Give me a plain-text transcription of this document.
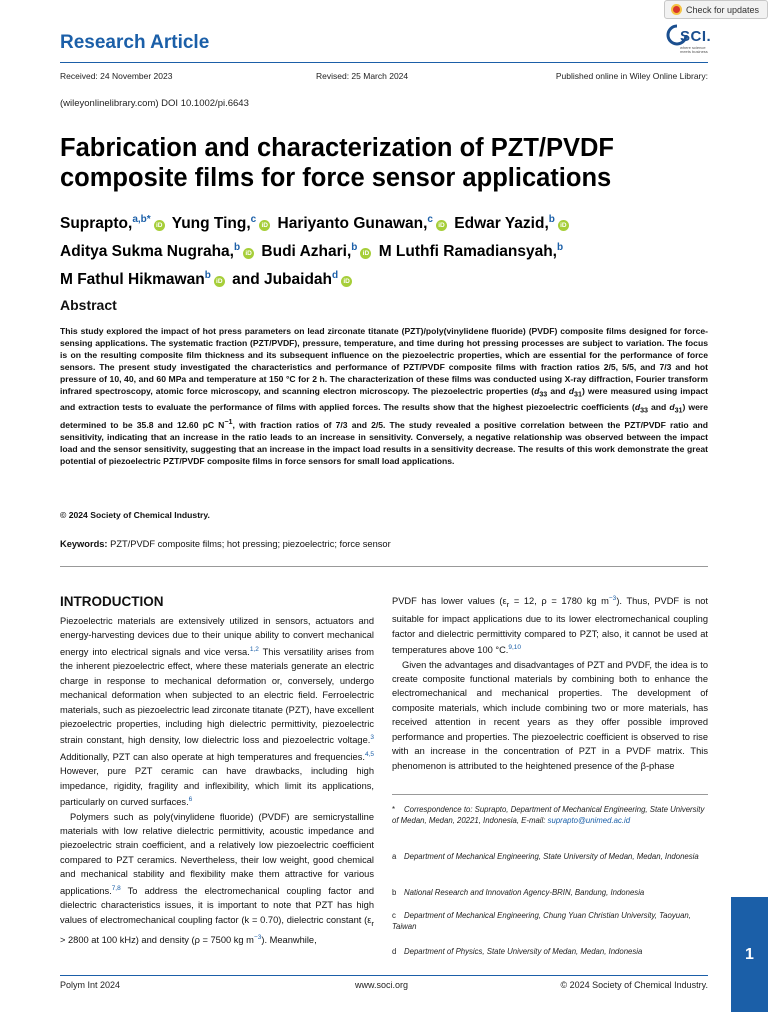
Check for updates
Research Article	SCI.
where science meets business
Received: 24 November 2023	Revised: 25 March 2024	Published online in Wiley Online Library:
(wileyonlinelibrary.com) DOI 10.1002/pi.6643
Fabrication and characterization of PZT/PVDF composite films for force sensor applications
Suprapto,$^{a,b*}$iD Yung Ting,$^c$iD Hariyanto Gunawan,$^c$iD Edwar Yazid,$^b$iD
Aditya Sukma Nugraha,$^b$iD Budi Azhari,$^b$iD M Luthfi Ramadiansyah,$^b$
M Fathul Hikmawan$^b$iD and Jubaidah$^d$iD
Abstract
This study explored the impact of hot press parameters on lead zirconate titanate (PZT)/poly(vinylidene fluoride) (PVDF) composite films designed for force-sensing applications. The systematic fraction (PZT/PVDF), pressure, temperature, and time during hot pressing processes are subject to variation. The focus is on the resulting composite film thickness and its subsequent influence on the piezoelectric properties, which are essential for the performance of force sensors. The present study investigated the characteristics and performance of PZT/PVDF composite films with fraction ratios 2/5, 5/5, and 7/3 and hot pressure of 10, 40, and 60 MPa and temperature at 150 °C for 2 h. The characterization of these films was conducted using X-ray diffraction, Fourier transform infrared spectroscopy, atomic force microscopy, and scanning electron microscopy. The piezoelectric properties ($d_{33}$ and $d_{31}$) were measured using impact and extraction tests to evaluate the performance of films with applied forces. The results show that the highest piezoelectric coefficients ($d_{33}$ and $d_{31}$) were determined to be 35.8 and 12.60 pC $N^{-1}$, with fraction ratios of 7/3 and 2/5. The study revealed a positive correlation between the PZT/PVDF ratio and sensitivity, indicating that an increase in the ratio leads to an increase in sensitivity. Conversely, a negative relationship was observed between the impact load and the sensor sensitivity, suggesting that an increase in the impact load results in a sensitivity decrease. The results of this work demonstrate the great potential of piezoelectric PZT/PVDF composite films in force sensors for small load applications.
© 2024 Society of Chemical Industry.
Keywords: PZT/PVDF composite films; hot pressing; piezoelectric; force sensor
INTRODUCTION

Piezoelectric materials are extensively utilized in sensors, actuators and energy-harvesting devices due to their unique ability to convert mechanical energy into electrical signals and vice versa.$^{1,2}$ This versatility arises from the inherent piezoelectric effect, where these materials generate an electric charge in response to mechanical deformation or, conversely, undergo mechanical deformation when subjected to an electric field. Ferroelectric materials, such as piezoelectric lead zirconate titanate (PZT), have excellent piezoelectric properties, including high dielectric permittivity, piezoelectric strain constant, high density, low dielectric loss and piezoelectric voltage.$^3$ Additionally, PZT can also operate at high temperatures and frequencies.$^{4,5}$ However, pure PZT ceramic can have drawbacks, including high impedance, rigidity, fragility and inflexibility, which limit its applications, particularly on curved surfaces.$^6$

Polymers such as poly(vinylidene fluoride) (PVDF) are semicrystalline materials with low relative dielectric permittivity, acoustic impedance and piezoelectric strain coefficient, and a relatively low piezoelectric coefficient compared to PZT ceramics. Nevertheless, their low weight, good chemical and mechanical stability and flexibility make them attractive for various applications.$^{7,8}$ To address the electromechanical coupling factor and dielectric characteristics issues, it is important to note that PZT has high values of electromechanical coupling factor (k = 0.70), dielectric constant ($\varepsilon_r > 2800$ at 100 kHz) and density (ρ = 7500 kg $m^{-3}$). Meanwhile,

PVDF has lower values ($\varepsilon_r = 12$, ρ = 1780 kg $m^{-3}$). Thus, PVDF is not suitable for impact applications due to its lower electromechanical coupling factor and dielectric permittivity compared to PZT; also, it cannot be used at temperatures above 100 °C.$^{9,10}$

Given the advantages and disadvantages of PZT and PVDF, the idea is to create composite functional materials by combining both to enhance the electromechanical and mechanical properties. The development of composite materials, which include combining two or more materials, has received attention in recent years as they offer possible improved performance and properties. The piezoelectric coefficient is observed to rise with an increase in the concentration of PZT in a PVDF matrix. This phenomenon is attributed to the heightened presence of the β-phase

* Correspondence to: Suprapto, Department of Mechanical Engineering, State University of Medan, Medan, 20221, Indonesia, E-mail: suprapto@unimed.ac.id
a Department of Mechanical Engineering, State University of Medan, Medan, Indonesia
b National Research and Innovation Agency-BRIN, Bandung, Indonesia
c Department of Mechanical Engineering, Chung Yuan Christian University, Taoyuan, Taiwan
d Department of Physics, State University of Medan, Medan, Indonesia
Polym Int 2024	www.soci.org	© 2024 Society of Chemical Industry.
1
